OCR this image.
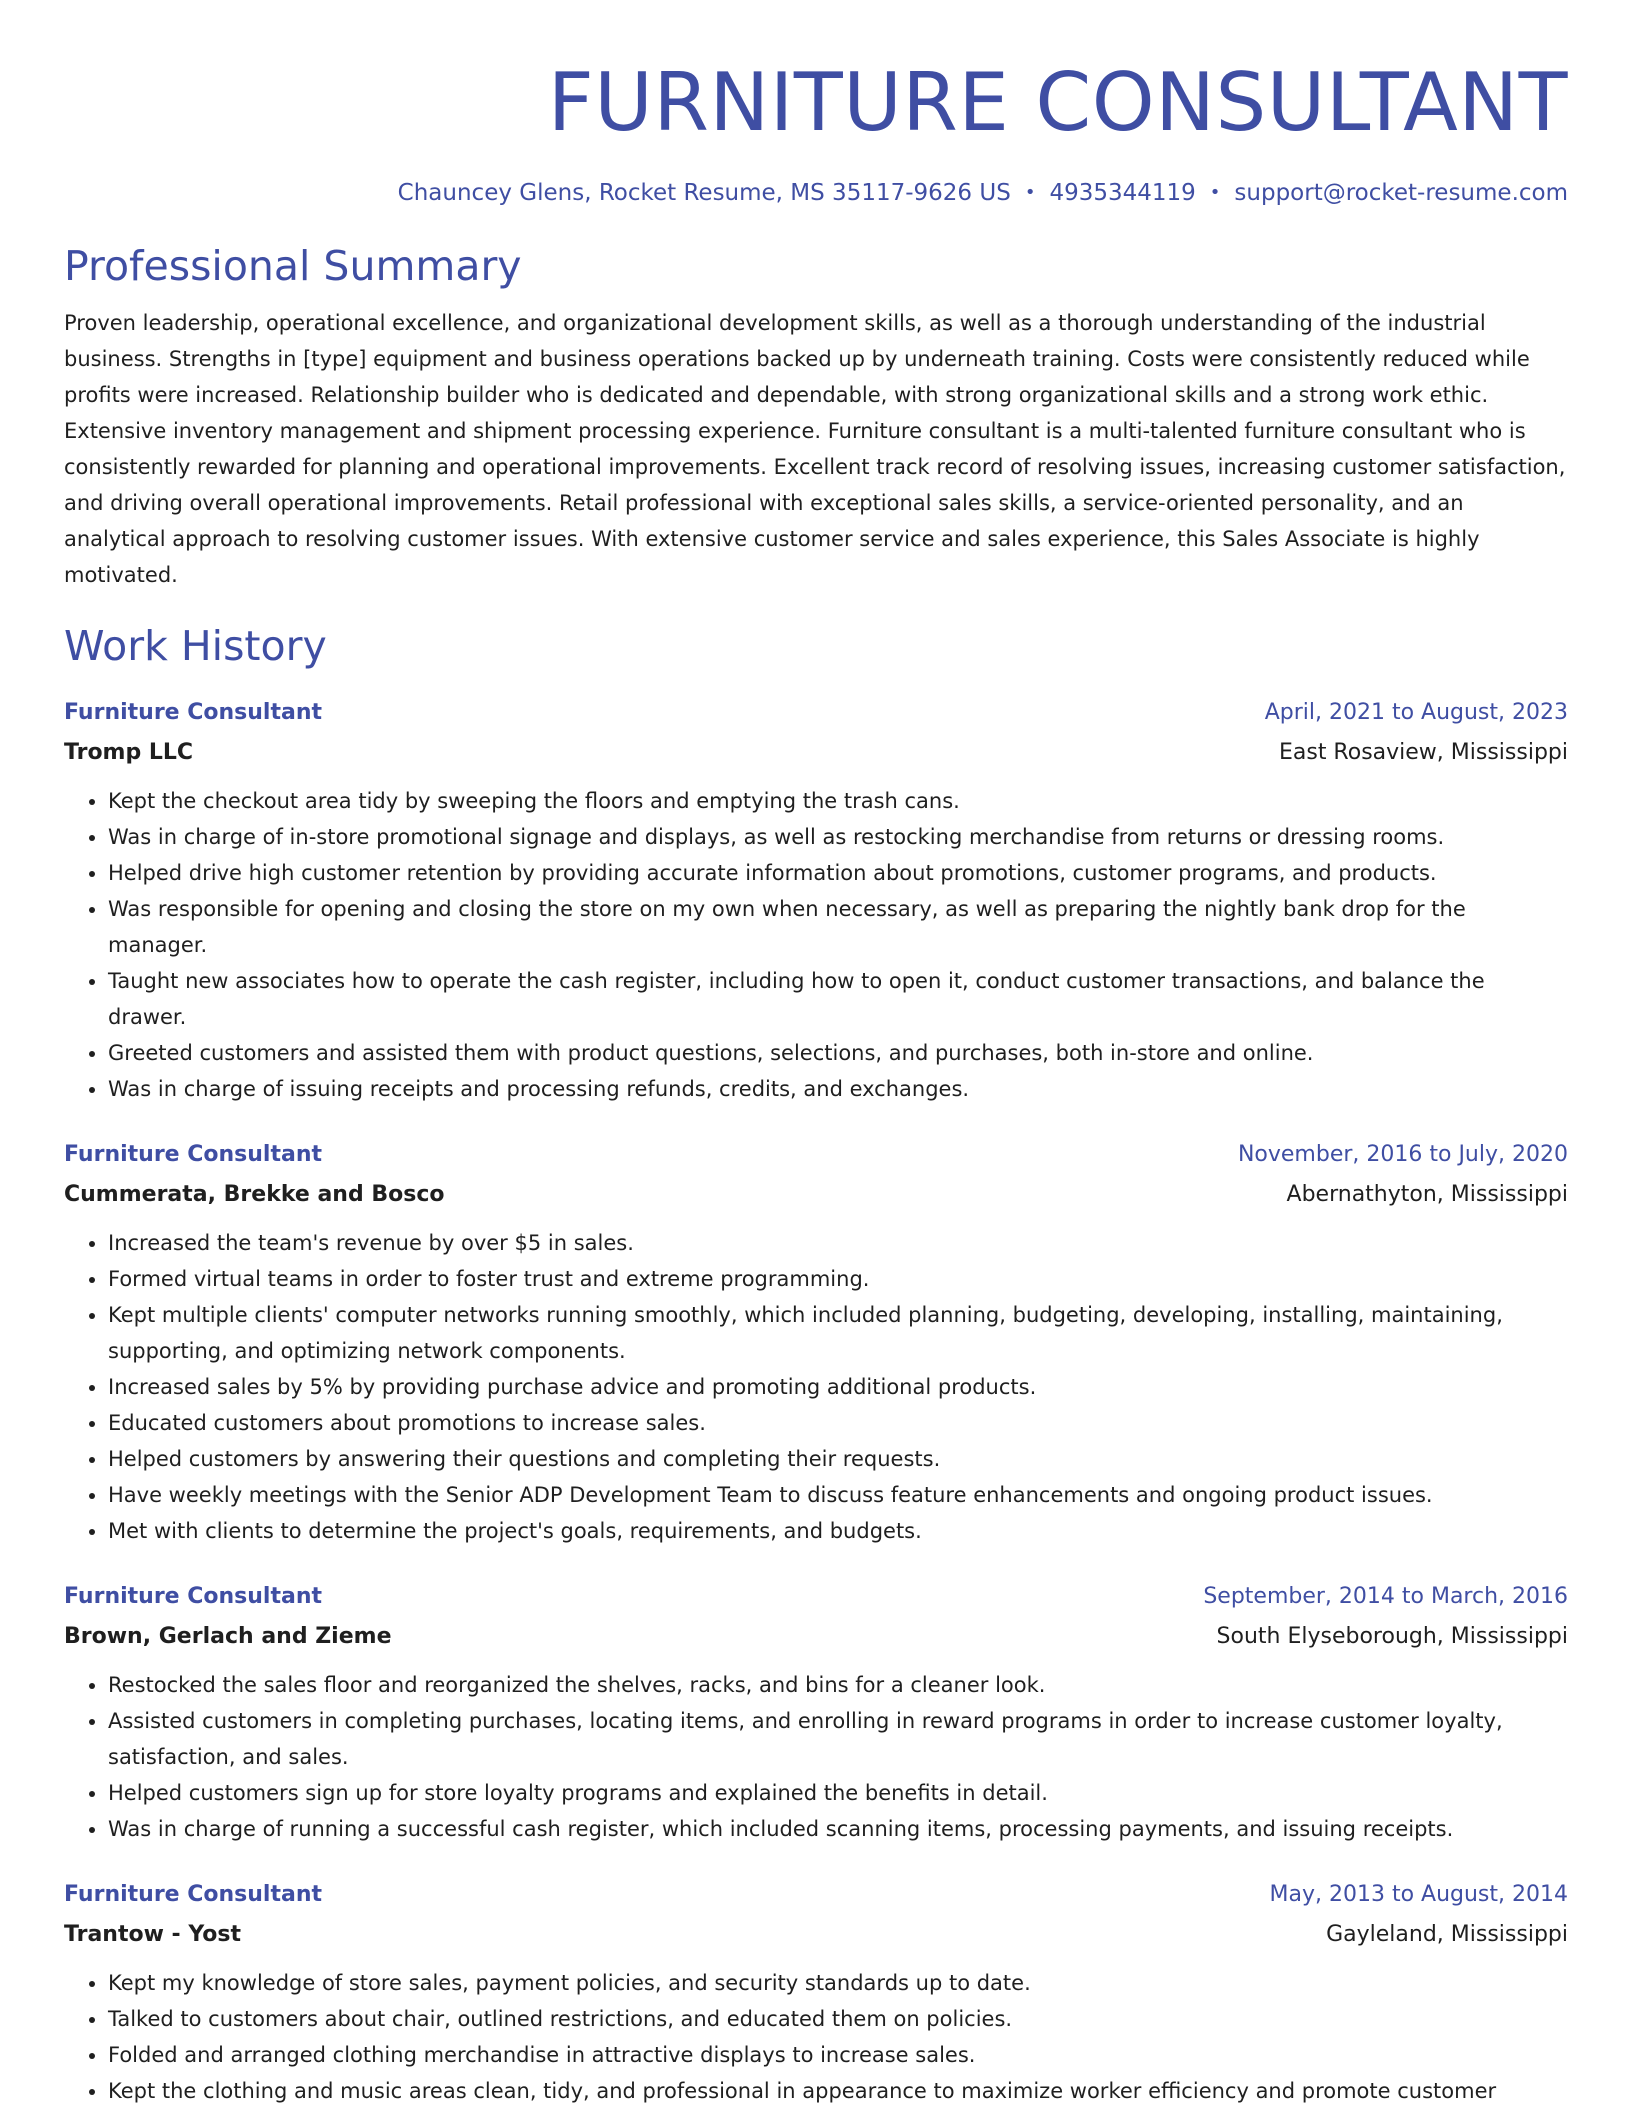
FURNITURE CONSULTANT
Chauncey Glens, Rocket Resume, MS 35117-9626 US • 4935344119 • support@rocket-resume.com
Professional Summary
Proven leadership, operational excellence, and organizational development skills, as well as a thorough understanding of the industrial business. Strengths in [type] equipment and business operations backed up by underneath training. Costs were consistently reduced while profits were increased. Relationship builder who is dedicated and dependable, with strong organizational skills and a strong work ethic. Extensive inventory management and shipment processing experience. Furniture consultant is a multi-talented furniture consultant who is consistently rewarded for planning and operational improvements. Excellent track record of resolving issues, increasing customer satisfaction, and driving overall operational improvements. Retail professional with exceptional sales skills, a service-oriented personality, and an analytical approach to resolving customer issues. With extensive customer service and sales experience, this Sales Associate is highly motivated.
Work History
Furniture Consultant	April, 2021 to August, 2023
Tromp LLC	East Rosaview, Mississippi
• Kept the checkout area tidy by sweeping the floors and emptying the trash cans.
• Was in charge of in-store promotional signage and displays, as well as restocking merchandise from returns or dressing rooms.
• Helped drive high customer retention by providing accurate information about promotions, customer programs, and products.
• Was responsible for opening and closing the store on my own when necessary, as well as preparing the nightly bank drop for the manager.
• Taught new associates how to operate the cash register, including how to open it, conduct customer transactions, and balance the drawer.
• Greeted customers and assisted them with product questions, selections, and purchases, both in-store and online.
• Was in charge of issuing receipts and processing refunds, credits, and exchanges.
Furniture Consultant	November, 2016 to July, 2020
Cummerata, Brekke and Bosco	Abernathyton, Mississippi
• Increased the team's revenue by over $5 in sales.
• Formed virtual teams in order to foster trust and extreme programming.
• Kept multiple clients' computer networks running smoothly, which included planning, budgeting, developing, installing, maintaining, supporting, and optimizing network components.
• Increased sales by 5% by providing purchase advice and promoting additional products.
• Educated customers about promotions to increase sales.
• Helped customers by answering their questions and completing their requests.
• Have weekly meetings with the Senior ADP Development Team to discuss feature enhancements and ongoing product issues.
• Met with clients to determine the project's goals, requirements, and budgets.
Furniture Consultant	September, 2014 to March, 2016
Brown, Gerlach and Zieme	South Elyseborough, Mississippi
• Restocked the sales floor and reorganized the shelves, racks, and bins for a cleaner look.
• Assisted customers in completing purchases, locating items, and enrolling in reward programs in order to increase customer loyalty, satisfaction, and sales.
• Helped customers sign up for store loyalty programs and explained the benefits in detail.
• Was in charge of running a successful cash register, which included scanning items, processing payments, and issuing receipts.
Furniture Consultant	May, 2013 to August, 2014
Trantow - Yost	Gayleland, Mississippi
• Kept my knowledge of store sales, payment policies, and security standards up to date.
• Talked to customers about chair, outlined restrictions, and educated them on policies.
• Folded and arranged clothing merchandise in attractive displays to increase sales.
• Kept the clothing and music areas clean, tidy, and professional in appearance to maximize worker efficiency and promote customer
